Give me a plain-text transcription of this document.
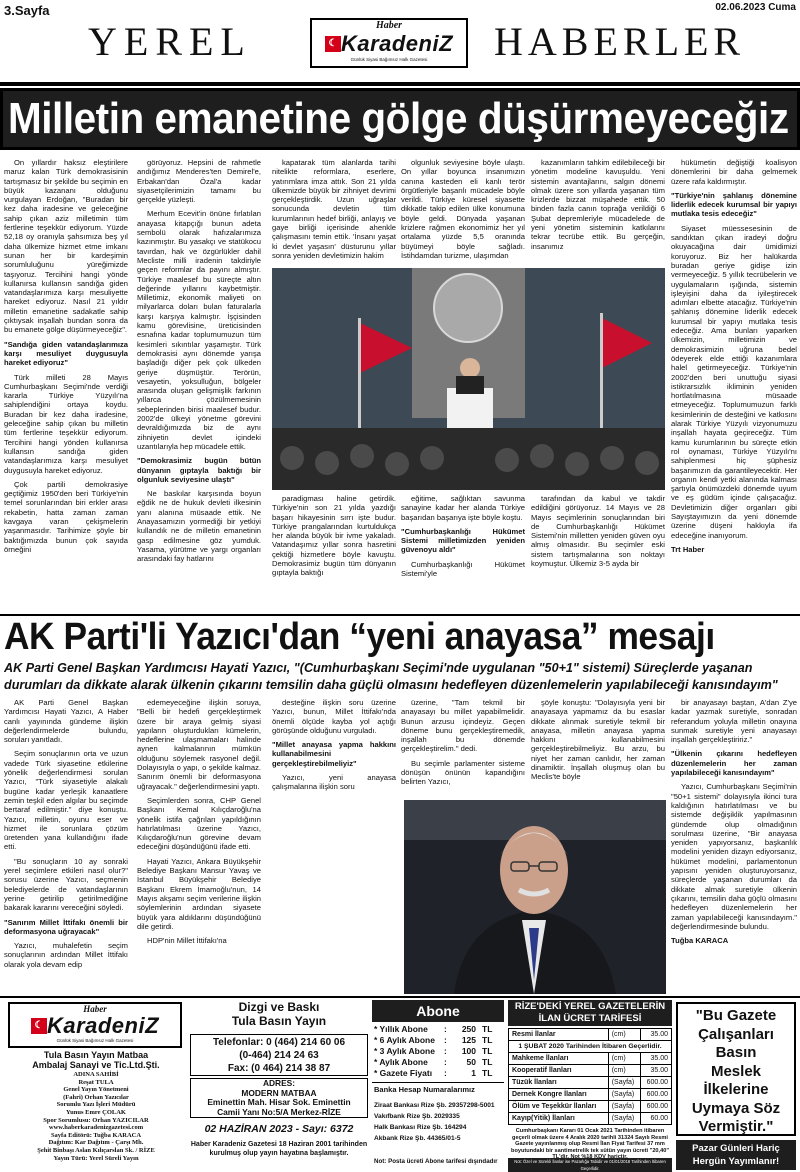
3.Sayfa	02.06.2023 Cuma
YEREL	HABERLER
Haber
☾ KaradeniZ
Günlük Siyasi Bağımsız Halk Gazetesi
Milletin emanetine gölge düşürmeyeceğiz

On yıllardır haksız eleştirilere maruz kalan Türk demokrasisinin tartışmasız bir şekilde bu seçimin en büyük kazananı olduğunu vurgulayan Erdoğan, "Buradan bir kez daha iradesine ve geleceğine sahip çıkan aziz milletimin tüm fertlerine teşekkür ediyorum. Yüzde 52,18 oy oranıyla şahsımıza beş yıl daha ülkemize hizmet etme imkanı sunan her bir kardeşimin sorumluluğunu yüreğimizde taşıyoruz. Tercihini hangi yönde kullanırsa kullansın sandığa giden vatandaşlarımıza karşı mesuliyette hareket ediyoruz. Nasıl 21 yıldır milletin emanetine sadakatle sahip çıktıysak inşallah bundan sonra da bu emanete gölge düşürmeyeceğiz".

"Sandığa giden vatandaşlarımıza karşı mesuliyet duygusuyla hareket ediyoruz"

Türk milleti 28 Mayıs Cumhurbaşkanı Seçimi'nde verdiği kararla Türkiye Yüzyılı'na sahiplendiğini ortaya koydu. Buradan bir kez daha iradesine, geleceğine sahip çıkan bu milletin tüm fertlerine teşekkür ediyorum. Tercihini hangi yönden kullanırsa kullansın sandığa giden vatandaşlarımıza karşı mesuliyet duygusuyla hareket ediyoruz.

Çok partili demokrasiye geçtiğimiz 1950'den beri Türkiye'nin temel sorunlarından biri erkler arası rekabetin, hatta zaman zaman kavgaya varan çekişmelerin yaşanmasıdır. Tarihimize şöyle bir baktığımızda bunun çok sayıda örneğini

görüyoruz. Hepsini de rahmetle andığımız Menderes'ten Demirel'e, Erbakan'dan Özal'a kadar siyasetçilerimizin tamamı bu gerçekle yüzleşti.

Merhum Ecevit'in önüne fırlatılan anayasa kitapçığı bunun adeta sembolü olarak hafızalarımıza kazınmıştır. Bu yasakçı ve statükocu tavırdan, hak ve özgürlükler dahil Mecliste milli iradenin takdiriyle geçen reformlar da payını almıştır. Türkiye maalesef bu süreçte altın değerinde yıllarını kaybetmiştir. Milletimiz, ekonomik maliyeti on milyarlarca doları bulan faturalarla karşı karşıya kalmıştır. İşçisinden kamu görevlisine, üreticisinden esnafına kadar toplumumuzun tüm kesimleri sıkıntılar yaşamıştır. Türk demokrasisi aynı dönemde yarışa başladığı diğer pek çok ülkeden geriye düşmüştür. Terörün, vesayetin, yoksulluğun, bölgeler arasında oluşan gelişmişlik farkının yıllarca çözülmemesinin sebeplerinden birisi maalesef budur. 2002'de ülkeyi yönetme görevini devraldığımızda biz de aynı zihniyetin devlet içindeki uzantılarıyla hep mücadele ettik.

"Demokrasimiz bugün bütün dünyanın gıptayla baktığı bir olgunluk seviyesine ulaştı"

Ne baskılar karşısında boyun eğdik ne de hukuk devleti ilkesinin yanı alanına müsaade ettik. Ne Anayasamızın yormediği bir yetkiyi kullandık ne de milletin emanetinin gasp edilmesine göz yumduk. Yasama, yürütme ve yargı organları arasındaki fay hatlarını

kapatarak tüm alanlarda tarihi nitelikte reformlara, eserlere, yatırımlara imza attık. Son 21 yılda ülkemizde büyük bir zihniyet devrimi gerçekleştirdik. Uzun uğraşlar sonucunda devletin tüm kurumlarının hedef birliği, anlayış ve gaye birliği içerisinde ahenkle çalışmasını temin ettik. 'İnsanı yaşat ki devlet yaşasın' düsturunu yıllar sonra yeniden devletimizin hakim

olgunluk seviyesine böyle ulaştı. On yıllar boyunca insanımızın canına kasteden eli kanlı terör örgütleriyle başarılı mücadele böyle verildi. Türkiye küresel siyasette dikkatle takip edilen ülke konumuna böyle geldi. Dünyada yaşanan krizlere rağmen ekonomimiz her yıl ortalama yüzde 5,5 oranında büyümeyi böyle sağladı. İstihdamdan turizme, ulaşımdan

kazanımların tahkim edilebileceği bir yönetim modeline kavuşuldu. Yeni sistemin avantajlarını, salgın dönemi olmak üzere son yıllarda yaşanan tüm krizlerde bizzat müşahede ettik. 50 binden fazla canın toprağa verildiği 6 Şubat depremleriyle mücadelede de yeni yönetim sisteminin katkılarını tekrar tecrübe ettik. Bu gerçeğin, insanımız

paradigması haline getirdik. Türkiye'nin son 21 yılda yazdığı başarı hikayesinin sırrı işte budur. Türkiye prangalarından kurtuldukça her alanda büyük bir ivme yakaladı. Vatandaşımız yıllar sonra hasretini çektiği hizmetlere böyle kavuştu. Demokrasimiz bugün tüm dünyanın gıptayla baktığı

eğitime, sağlıktan savunma sanayine kadar her alanda Türkiye başarıdan başarıya işte böyle koştu.

"Cumhurbaşkanlığı Hükümet Sistemi milletimizden yeniden güvenoyu aldı"

Cumhurbaşkanlığı Hükümet Sistemi'yle

tarafından da kabul ve takdir edildiğini görüyoruz. 14 Mayıs ve 28 Mayıs seçimlerinin sonuçlarından biri de Cumhurbaşkanlığı Hükümet Sistemi'nin milletten yeniden güven oyu almış olmasıdır. Bu seçimler eski sistem tartışmalarına son noktayı koymuştur. Ülkemiz 3-5 ayda bir

hükümetin değiştiği koalisyon dönemlerini bir daha gelmemek üzere rafa kaldırmıştır.

"Türkiye'nin şahlanış dönemine liderlik edecek kurumsal bir yapıyı mutlaka tesis edeceğiz"

Siyaset müessesesinin de sandıktan çıkan iradeyi doğru okuyacağına dair ümidimizi koruyoruz. Biz her halükarda buradan geriye gidişe izin vermeyeceğiz. 5 yıllık tecrübelerin ve uygulamaların ışığında, sistemin işleyişini daha da iyileştirecek adımları elbette atacağız. Türkiye'nin şahlanış dönemine liderlik edecek kurumsal bir yapıyı mutlaka tesis edeceğiz. Ama bunları yaparken ülkemizin, milletimizin ve demokrasimizin uğruna bedel ödeyerek elde ettiği kazanımlara halel getirmeyeceğiz. Türkiye'nin 2002'den beri unuttuğu siyasi istikrarsızlık ikliminin yeniden hortlatılmasına müsaade etmeyeceğiz. Toplumumuzun farklı kesimlerinin de desteğini ve katkısını alarak Türkiye Yüzyılı vizyonumuzu inşallah hayata geçireceğiz. Tüm kamu kurumlarının bu süreçte etkin rol oynaması, Türkiye Yüzyılı'nı sahiplenmesi hiç şüphesiz başarımızın da garantileyecektir. Her organın kendi yetki alanında kalması şartıyla önümüzdeki dönemde uyum ve eş güdüm içinde çalışacağız. Devletimizin diğer organları gibi Sayıştayımızın da yeni dönemde üzerine düşeni hakkıyla ifa edeceğine inanıyorum.

Trt Haber

AK Parti'li Yazıcı'dan “yeni anayasa” mesajı
AK Parti Genel Başkan Yardımcısı Hayati Yazıcı, "(Cumhurbaşkanı Seçimi'nde uygulanan "50+1" sistemi) Süreçlerde yaşanan durumları da dikkate alarak ülkenin çıkarını temsilin daha güçlü olmasını hedefleyen düzenlemelerin yapılabileceği kanısındayım"

AK Parti Genel Başkan Yardımcısı Hayati Yazıcı, A Haber canlı yayınında gündeme ilişkin değerlendirmelerde bulundu, soruları yanıtladı.

Seçim sonuçlarının orta ve uzun vadede Türk siyasetine etkilerine yönelik değerlendirmesi sorulan Yazıcı, "Türk siyasetiyle alakalı bugüne kadar yerleşik kanaatlere zemin teşkil eden algılar bu seçimde bertaraf edilmiştir." diye konuştu. Yazıcı, milletin, oyunu eser ve hizmet ile sorunlara çözüm üretenden yana kullandığını ifade etti.

"Bu sonuçların 10 ay sonraki yerel seçimlere etkileri nasıl olur?" sorusu üzerine Yazıcı, seçmenin belediyelerde de vatandaşlarının yerine getirilip getirilmediğine bakarak kararını vereceğini söyledi.

"Sanırım Millet İttifakı önemli bir deformasyona uğrayacak"

Yazıcı, muhalefetin seçim sonuçlarının ardından Millet İttifakı olarak yola devam edip

edemeyeceğine ilişkin soruya, "Belli bir hedefi gerçekleştirmek üzere bir araya gelmiş siyasi yapıların oluşturdukları kümelerin, hedeflerine ulaşmamaları halinde aynen kalmalarının mümkün olduğunu söylemek rasyonel değil. Dolayısıyla o yapı, o şekilde kalmaz. Sanırım önemli bir deformasyona uğrayacak." değerlendirmesini yaptı.

Seçimlerden sonra, CHP Genel Başkanı Kemal Kılıçdaroğlu'na yönelik istifa çağrıları yapıldığının hatırlatılması üzerine Yazıcı, Kılıçdaroğlu'nun görevine devam edeceğini düşündüğünü ifade etti.

Hayati Yazıcı, Ankara Büyükşehir Belediye Başkanı Mansur Yavaş ve İstanbul Büyükşehir Belediye Başkanı Ekrem İmamoğlu'nun, 14 Mayıs akşamı seçim verilerine ilişkin söylemlerinin ardından siyasete büyük yara aldıklarını düşündüğünü dile getirdi.

HDP'nin Millet İttifakı'na

desteğine ilişkin soru üzerine Yazıcı, bunun, Millet İttifakı'nda önemli ölçüde kayba yol açtığı görüşünde olduğunu vurguladı.

"Millet anayasa yapma hakkını kullanabilmesini gerçekleştirebilmeliyiz"

Yazıcı, yeni anayasa çalışmalarına ilişkin soru

üzerine, "Tam tekmil bir anayasayı bu millet yapabilmelidir. Bunun arzusu içindeyiz. Geçen döneme bunu gerçekleştiremedik, inşallah bu dönemde gerçekleştirelim." dedi.

Bu seçimle parlamenter sisteme dönüşün önünün kapandığını belirten Yazıcı,

şöyle konuştu: "Dolayısıyla yeni bir anayasaya yapmamız da bu esaslar dikkate alınmak suretiyle tekmil bir anayasa, milletin anayasa yapma hakkını kullanabilmesini gerçekleştirebilmeliyiz. Bu arzu, bu niyet her zaman canlıdır, her zaman dinamiktir. İnşallah oluşmuş olan bu Meclis'te böyle

bir anayasayı baştan, A'dan Z'ye kadar yazmak suretiyle, sonradan referandum yoluyla milletin onayına sunmak suretiyle yeni anayasayı inşallah gerçekleştiririz."

"Ülkenin çıkarını hedefleyen düzenlemelerin her zaman yapılabileceği kanısındayım"

Yazıcı, Cumhurbaşkanı Seçimi'nin "50+1 sistemi" dolayısıyla ikinci tura kaldığının hatırlatılması ve bu sistemde değişiklik yapılmasının gündemde olup olmadığının sorulması üzerine, "Bir anayasa yeniden yapıyorsanız, başkanlık modelini yeniden dizayn ediyorsanız, hükümet modelini, parlamentonun yapısını yeniden oluşturuyorsanız, süreçlerde yaşanan durumları da dikkate almak suretiyle ülkenin çıkarını, temsilin daha güçlü olmasını hedefleyen düzenlemelerin her zaman yapılabileceği kanısındayım." değerlendirmesinde bulundu.

Tuğba KARACA

Haber
☾ KaradeniZ
Günlük Siyasi Bağımsız Halk Gazetesi
Tula Basın Yayın Matbaa
Ambalaj Sanayi ve Tic.Ltd.Şti.
ADINA SAHİBİ
Reşat TULA
Genel Yayın Yönetmeni
(Fahri) Orhan Yazıcılar
Sorumlu Yazı İşleri Müdürü
Yunus Emre ÇOLAK
Spor Sorumlusu: Orhan YAZICILAR
www.haberkaradenizgazetesi.com
Sayfa Editörü: Tuğba KARACA
Dağıtım: Kar Dağıtım - Çarşı Mh.
Şehit Binbaşı Aslan Kılıçarslan Sk. / RİZE
Yayın Türü: Yerel Süreli Yayın
Dizgi ve Baskı
Tula Basın Yayın
Telefonlar: 0 (464) 214 60 06
(0-464) 214 24 63
Fax: (0 464) 214 38 87
ADRES:
MODERN MATBAA
Eminettin Mah. Hisar Sok. Eminettin
Camii Yanı No:5/A Merkez-RİZE
02 HAZİRAN 2023 - Sayı: 6372
Haber Karadeniz Gazetesi 18 Haziran 2001 tarihinden kurulmuş olup yayın hayatına başlamıştır.
Abone
* Yıllık Abone	:	250 TL
* 6 Aylık Abone	:	125 TL
* 3 Aylık Abone	:	100 TL
* Aylık Abone	:	50 TL
* Gazete Fiyatı	:	1 TL
Banka Hesap Numaralarımız
Ziraat Bankası Rize Şb. 29357298-5001
Vakıfbank Rize Şb. 2029335
Halk Bankası Rize Şb. 164294
Akbank Rize Şb. 44365/01-5
Not: Posta ücreti Abone tarifesi dışındadır
RİZE'DEKİ YEREL GAZETELERİN İLAN ÜCRET TARİFESİ
Resmi İlanlar	(cm)	35.00
1 ŞUBAT 2020 Tarihinden İtibaren Geçerlidir.		
Mahkeme İlanları	(cm)	35.00
Kooperatif İlanları	(cm)	35.00
Tüzük İlanları	(Sayfa)	600.00
Dernek Kongre İlanları	(Sayfa)	600.00
Ölüm ve Teşekkür İlanları	(Sayfa)	600.00
Kayıp(Yitik) İlanları	(Sayfa)	60.00
Cumhurbaşkanı Kararı 01 Ocak 2021 Tarihinden itibaren geçerli olmak üzere 4 Aralık 2020 tarihli 31324 Sayılı Resmi Gazete yayınlanmış olup Resmi İlan Fiyat Tarifesi 37 mm boyutundaki bir santimetrelik tek sütün yayın ücreti "20,40"
Not: Özel ve Sürekli İlanlar ise Pazarlığa Tabidir ve 01/01/2018 Tarihinden İtibaren Geçerlidir.
"Bu Gazete
Çalışanları
Basın
Meslek
İlkelerine
Uymaya Söz
Vermiştir."
Pazar Günleri Hariç
Hergün Yayımlanır!
